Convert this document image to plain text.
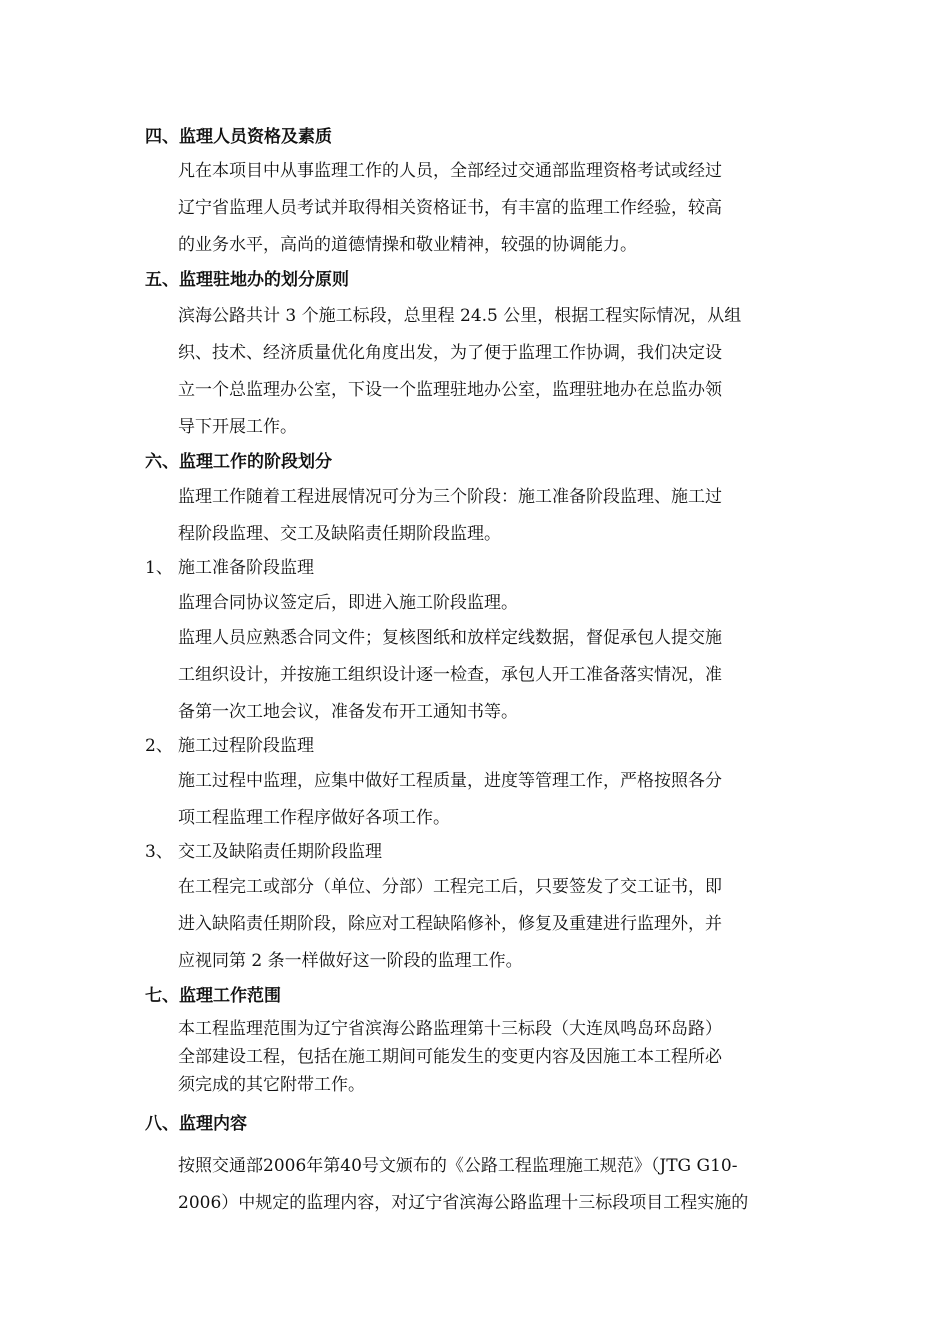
四、监理人员资格及素质
凡在本项目中从事监理工作的人员，全部经过交通部监理资格考试或经过
辽宁省监理人员考试并取得相关资格证书，有丰富的监理工作经验，较高
的业务水平，高尚的道德情操和敬业精神，较强的协调能力。
五、监理驻地办的划分原则
滨海公路共计 3 个施工标段，总里程 24.5 公里，根据工程实际情况，从组
织、技术、经济质量优化角度出发，为了便于监理工作协调，我们决定设
立一个总监理办公室，下设一个监理驻地办公室，监理驻地办在总监办领
导下开展工作。
六、监理工作的阶段划分
监理工作随着工程进展情况可分为三个阶段：施工准备阶段监理、施工过
程阶段监理、交工及缺陷责任期阶段监理。
1、 施工准备阶段监理
监理合同协议签定后，即进入施工阶段监理。
监理人员应熟悉合同文件；复核图纸和放样定线数据，督促承包人提交施
工组织设计，并按施工组织设计逐一检查，承包人开工准备落实情况，准
备第一次工地会议，准备发布开工通知书等。
2、 施工过程阶段监理
施工过程中监理，应集中做好工程质量，进度等管理工作，严格按照各分
项工程监理工作程序做好各项工作。
3、 交工及缺陷责任期阶段监理
在工程完工或部分（单位、分部）工程完工后，只要签发了交工证书，即
进入缺陷责任期阶段，除应对工程缺陷修补，修复及重建进行监理外，并
应视同第 2 条一样做好这一阶段的监理工作。
七、监理工作范围
本工程监理范围为辽宁省滨海公路监理第十三标段（大连凤鸣岛环岛路）
全部建设工程，包括在施工期间可能发生的变更内容及因施工本工程所必
须完成的其它附带工作。
八、监理内容
按照交通部2006年第40号文颁布的《公路工程监理施工规范》（JTG G10-
2006）中规定的监理内容，对辽宁省滨海公路监理十三标段项目工程实施的
